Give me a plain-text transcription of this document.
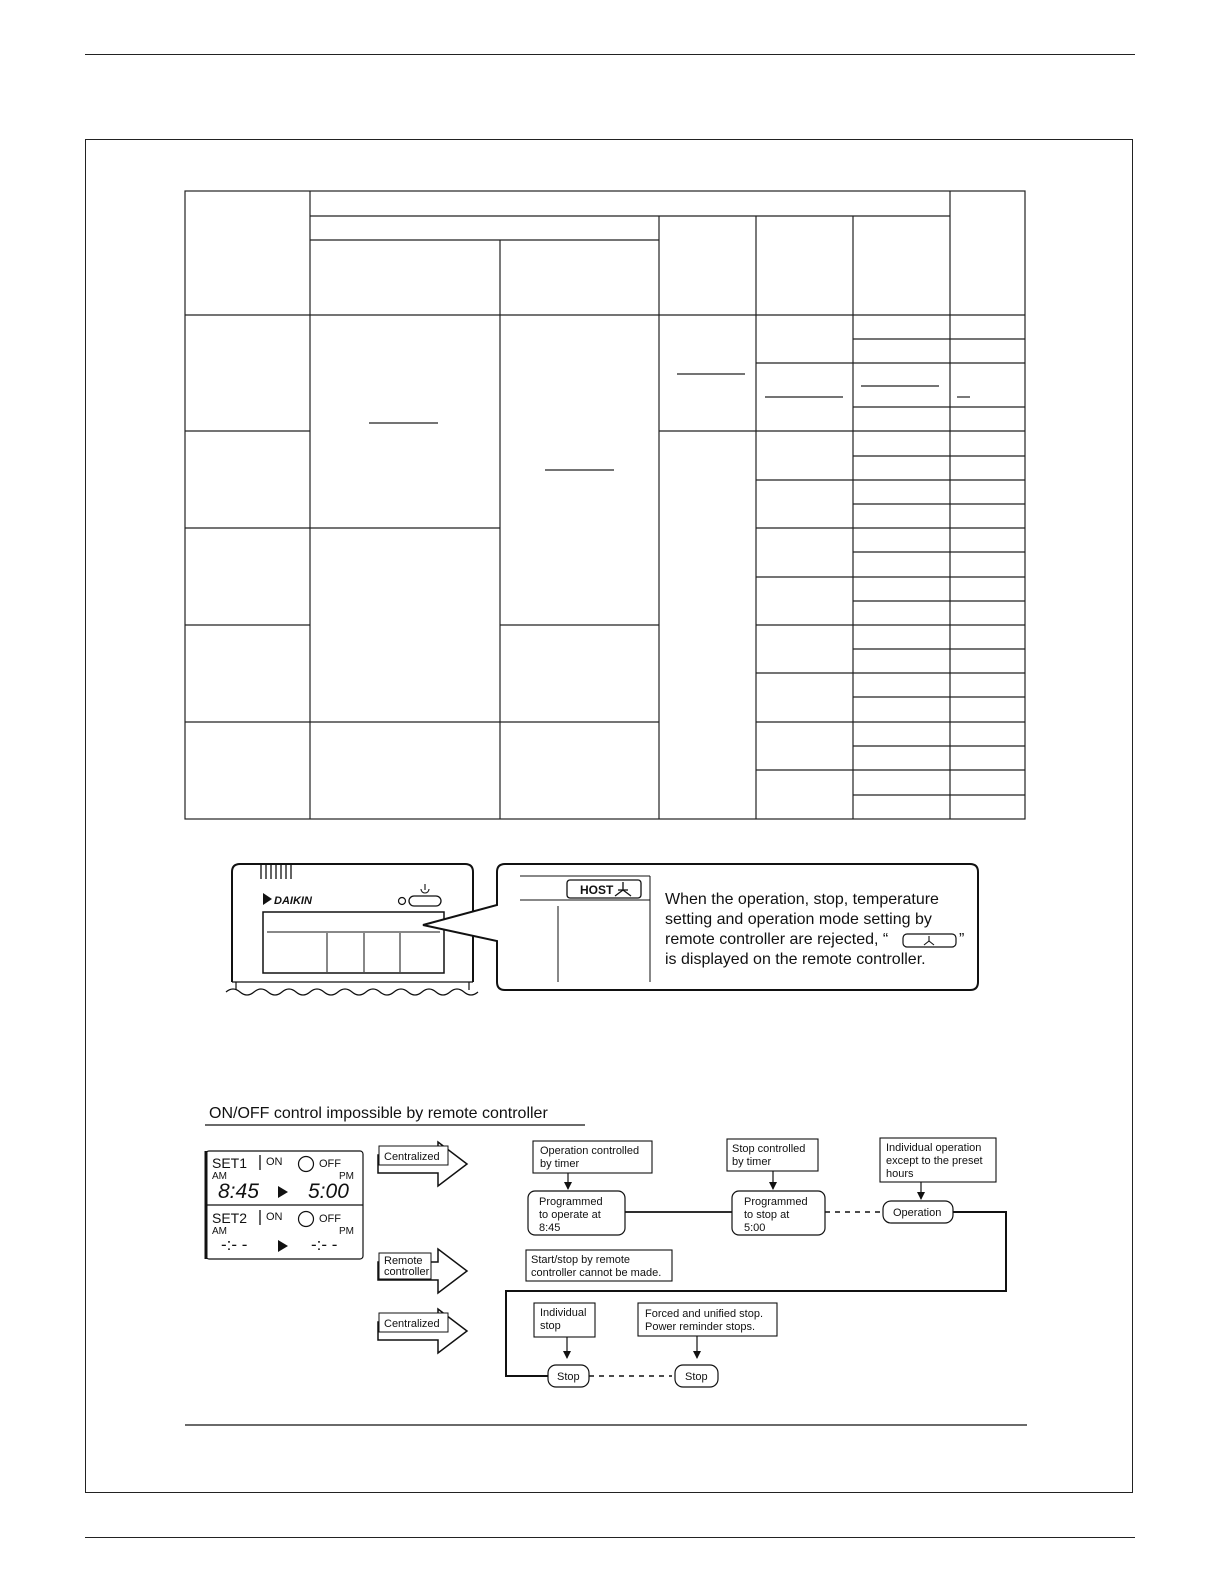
DAIKIN
HOST
When the operation, stop, temperature
setting and operation mode setting by
remote controller are rejected, “	”
is displayed on the remote controller.
ON/OFF control impossible by remote controller
SET1 ON	OFF
AM	PM
8:45 5:00
SET2 ON	OFF
AM	PM
-:- -	-:- -
Centralized
Remote
controller
Centralized
Operation controlled
by timer
Stop controlled
by timer
Individual operation
except to the preset
hours
Start/stop by remote
controller cannot be made.
Individual
stop
Forced and unified stop.
Power reminder stops.
Programmed
to operate at
8:45
Programmed
to stop at
5:00
Operation
Stop	Stop
